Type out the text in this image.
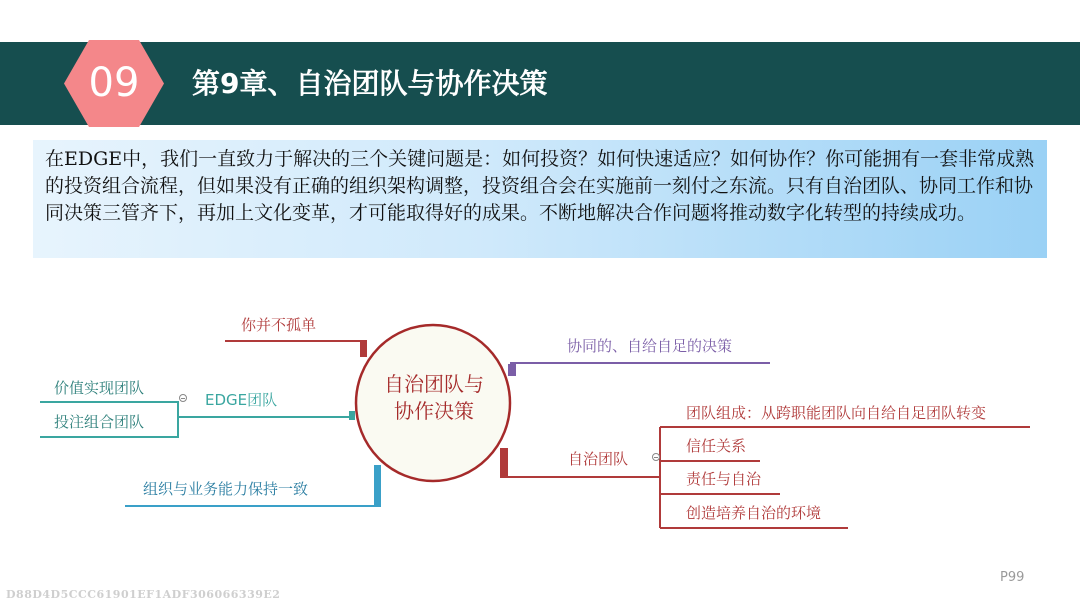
09	第9章、自治团队与协作决策
在EDGE中，我们一直致力于解决的三个关键问题是：如何投资？如何快速适应？如何协作？你可能拥有一套非常成熟的投资组合流程，但如果没有正确的组织架构调整，投资组合会在实施前一刻付之东流。只有自治团队、协同工作和协同决策三管齐下，再加上文化变革，才可能取得好的成果。不断地解决合作问题将推动数字化转型的持续成功。
自治团队与
协作决策
你并不孤单
EDGE团队
价值实现团队
投注组合团队
组织与业务能力保持一致
协同的、自给自足的决策
自治团队
团队组成：从跨职能团队向自给自足团队转变
信任关系
责任与自治
创造培养自治的环境
P99
D88D4D5CCC61901EF1ADF306066339E2
